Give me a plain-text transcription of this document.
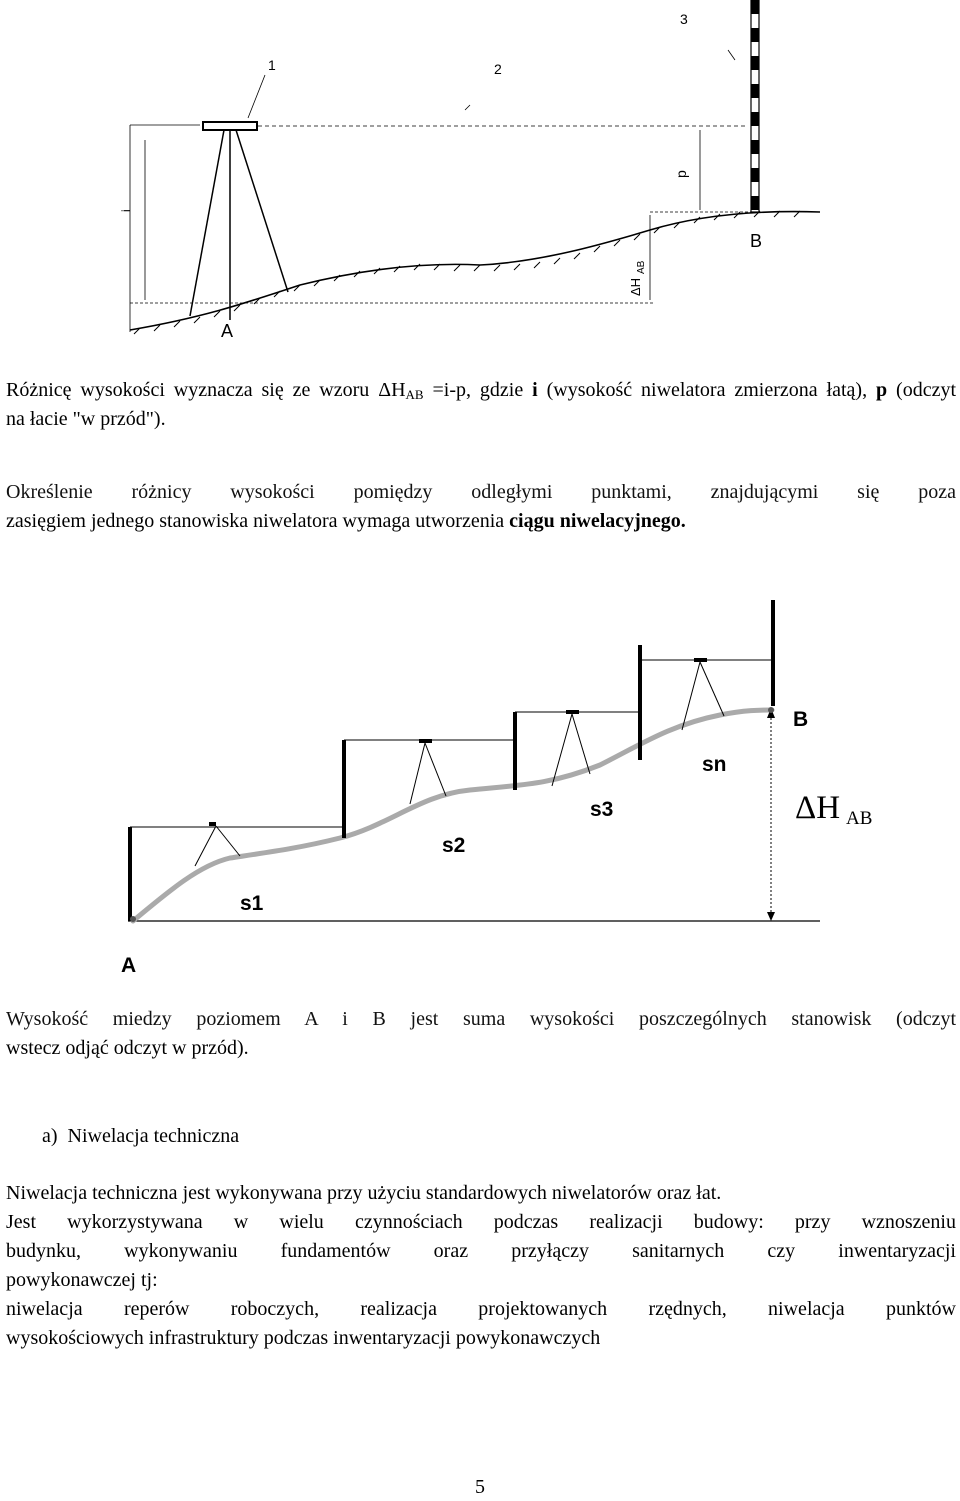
1	2
3
i
p
ΔH
AB
A
B

Różnicę wysokości wyznacza się ze wzoru $\Delta H_{AB} =i-p$, gdzie i (wysokość niwelatora zmierzona łatą), p (odczyt

na łacie "w przód").

Określenie różnicy wysokości pomiędzy odległymi punktami, znajdującymi się poza

zasięgiem jednego stanowiska niwelatora wymaga utworzenia ciągu niwelacyjnego.

A
B
s1
s2
s3
sn
ΔH AB

Wysokość miedzy poziomem A i B jest suma wysokości poszczególnych stanowisk (odczyt

wstecz odjąć odczyt w przód).

a) Niwelacja techniczna

Niwelacja techniczna jest wykonywana przy użyciu standardowych niwelatorów oraz łat.

Jest wykorzystywana w wielu czynnościach podczas realizacji budowy: przy wznoszeniu

budynku, wykonywaniu fundamentów oraz przyłączy sanitarnych czy inwentaryzacji

powykonawczej tj:

niwelacja reperów roboczych, realizacja projektowanych rzędnych, niwelacja punktów

wysokościowych infrastruktury podczas inwentaryzacji powykonawczych

5
